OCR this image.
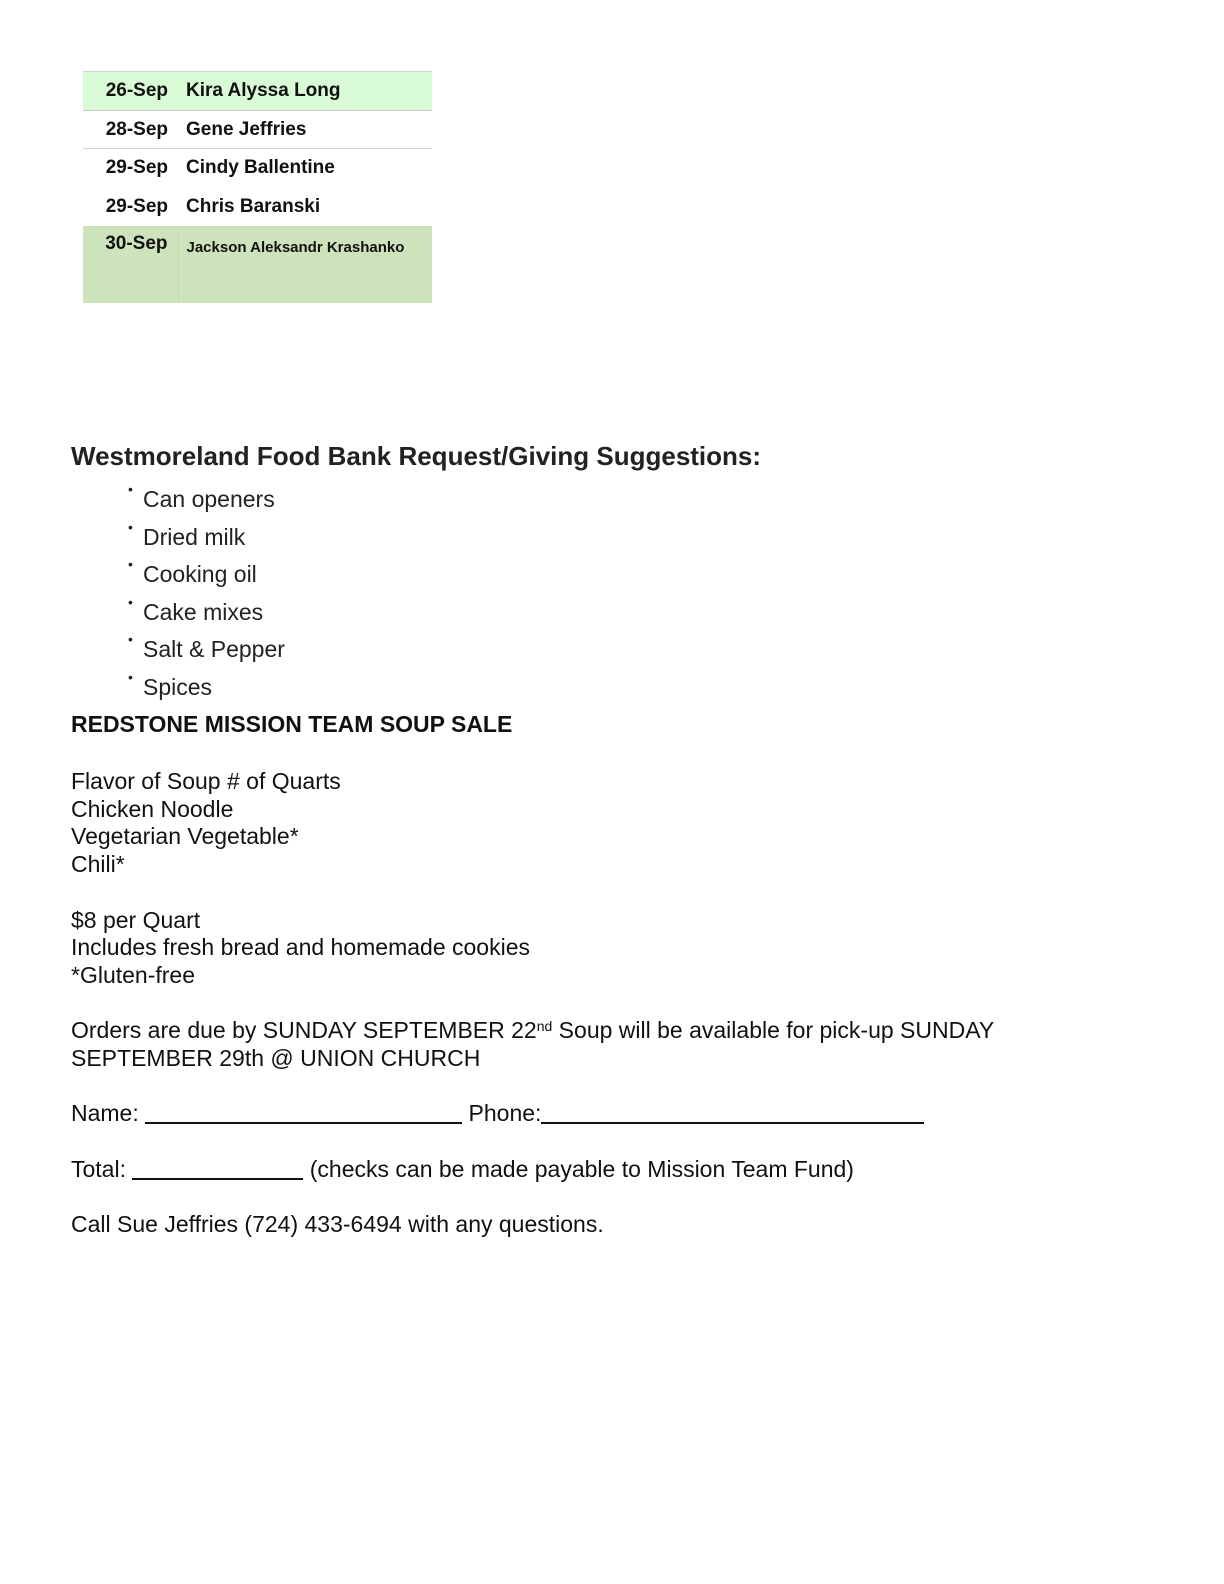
26-Sep	Kira Alyssa Long
28-Sep	Gene Jeffries
29-Sep	Cindy Ballentine
29-Sep	Chris Baranski
30-Sep	Jackson Aleksandr Krashanko
Westmoreland Food Bank Request/Giving Suggestions:
• Can openers
• Dried milk
• Cooking oil
• Cake mixes
• Salt & Pepper
• Spices

REDSTONE MISSION TEAM SOUP SALE

Flavor of Soup # of Quarts

Chicken Noodle

Vegetarian Vegetable*

Chili*

$8 per Quart

Includes fresh bread and homemade cookies

*Gluten-free

Orders are due by SUNDAY SEPTEMBER 22nd Soup will be available for pick-up SUNDAY

SEPTEMBER 29th @ UNION CHURCH

Name:	Phone:

Total:	(checks can be made payable to Mission Team Fund)

Call Sue Jeffries (724) 433-6494 with any questions.
